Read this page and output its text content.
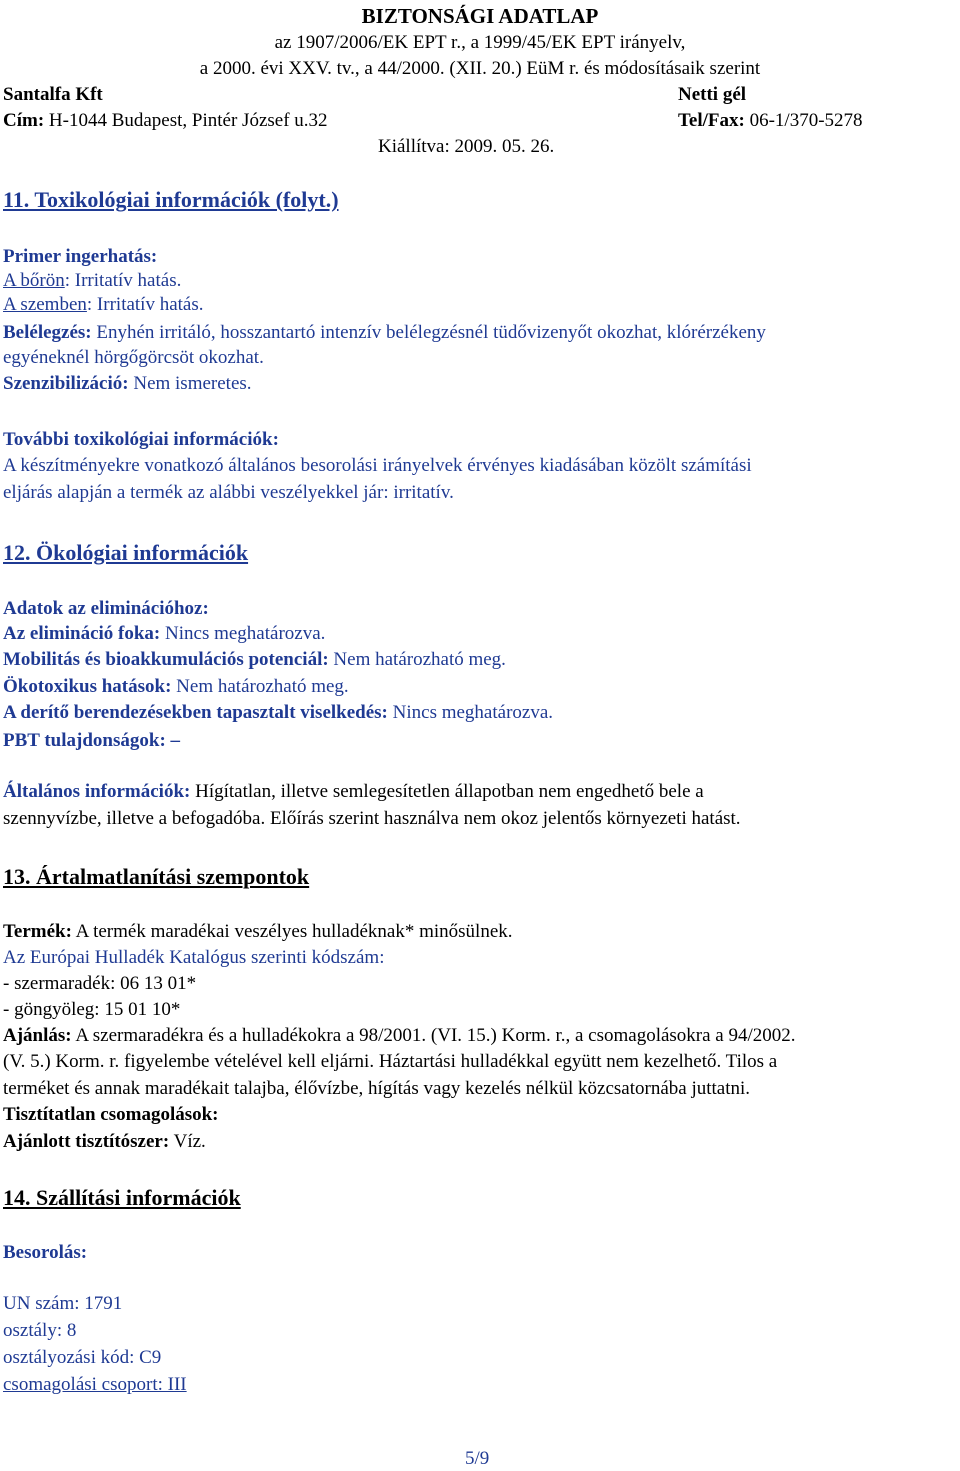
BIZTONSÁGI ADATLAP
az 1907/2006/EK EPT r., a 1999/45/EK EPT irányelv,
a 2000. évi XXV. tv., a 44/2000. (XII. 20.) EüM r. és módosításaik szerint
Santalfa Kft	Netti gél
Cím: H-1044 Budapest, Pintér József u.32	Tel/Fax: 06-1/370-5278
Kiállítva: 2009. 05. 26.
11. Toxikológiai információk (folyt.)
Primer ingerhatás:
A bőrön: Irritatív hatás.
A szemben: Irritatív hatás.
Belélegzés: Enyhén irritáló, hosszantartó intenzív belélegzésnél tüdővizenyőt okozhat, klórérzékeny
egyéneknél hörgőgörcsöt okozhat.
Szenzibilizáció: Nem ismeretes.
További toxikológiai információk:
A készítményekre vonatkozó általános besorolási irányelvek érvényes kiadásában közölt számítási
eljárás alapján a termék az alábbi veszélyekkel jár: irritatív.
12. Ökológiai információk
Adatok az eliminációhoz:
Az elimináció foka: Nincs meghatározva.
Mobilitás és bioakkumulációs potenciál: Nem határozható meg.
Ökotoxikus hatások: Nem határozható meg.
A derítő berendezésekben tapasztalt viselkedés: Nincs meghatározva.
PBT tulajdonságok: –
Általános információk: Hígítatlan, illetve semlegesítetlen állapotban nem engedhető bele a
szennyvízbe, illetve a befogadóba. Előírás szerint használva nem okoz jelentős környezeti hatást.
13. Ártalmatlanítási szempontok
Termék: A termék maradékai veszélyes hulladéknak* minősülnek.
Az Európai Hulladék Katalógus szerinti kódszám:
- szermaradék: 06 13 01*
- göngyöleg: 15 01 10*
Ajánlás: A szermaradékra és a hulladékokra a 98/2001. (VI. 15.) Korm. r., a csomagolásokra a 94/2002.
(V. 5.) Korm. r. figyelembe vételével kell eljárni. Háztartási hulladékkal együtt nem kezelhető. Tilos a
terméket és annak maradékait talajba, élővízbe, hígítás vagy kezelés nélkül közcsatornába juttatni.
Tisztítatlan csomagolások:
Ajánlott tisztítószer: Víz.
14. Szállítási információk
Besorolás:
UN szám: 1791
osztály: 8
osztályozási kód: C9
csomagolási csoport: III
5/9
